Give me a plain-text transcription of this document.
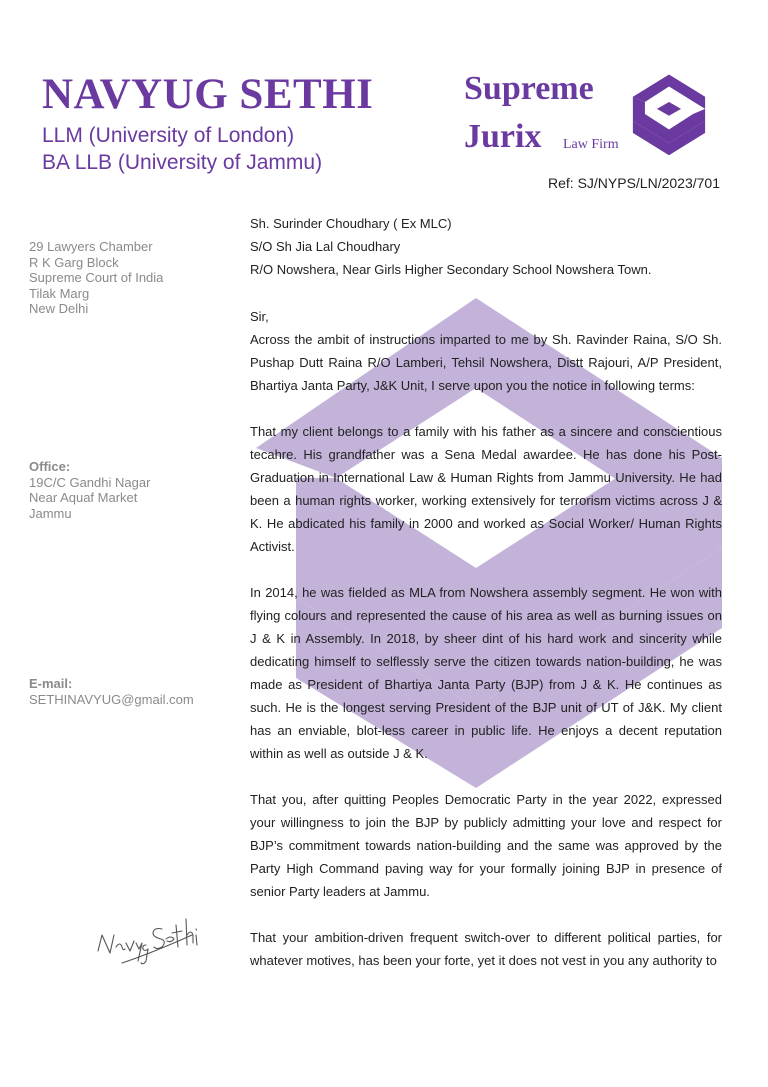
NAVYUG SETHI
LLM (University of London)
BA LLB (University of Jammu)
Supreme
Jurix Law Firm
Ref: SJ/NYPS/LN/2023/701
29 Lawyers Chamber
R K Garg Block
Supreme Court of India
Tilak Marg
New Delhi
Office:
19C/C Gandhi Nagar
Near Aquaf Market
Jammu
E-mail:
SETHINAVYUG@gmail.com
Sh. Surinder Choudhary ( Ex MLC)
S/O Sh Jia Lal Choudhary
R/O Nowshera, Near Girls Higher Secondary School Nowshera Town.

Sir,

Across the ambit of instructions imparted to me by Sh. Ravinder Raina, S/O Sh. Pushap Dutt Raina R/O Lamberi, Tehsil Nowshera, Distt Rajouri, A/P President, Bhartiya Janta Party, J&K Unit, I serve upon you the notice in following terms:

That my client belongs to a family with his father as a sincere and conscientious tecahre. His grandfather was a Sena Medal awardee. He has done his Post-Graduation in International Law & Human Rights from Jammu University. He had been a human rights worker, working extensively for terrorism victims across J & K. He abdicated his family in 2000 and worked as Social Worker/ Human Rights Activist.

In 2014, he was fielded as MLA from Nowshera assembly segment. He won with flying colours and represented the cause of his area as well as burning issues on J & K in Assembly. In 2018, by sheer dint of his hard work and sincerity while dedicating himself to selflessly serve the citizen towards nation-building, he was made as President of Bhartiya Janta Party (BJP) from J & K. He continues as such. He is the longest serving President of the BJP unit of UT of J&K. My client has an enviable, blot-less career in public life. He enjoys a decent reputation within as well as outside J & K.

That you, after quitting Peoples Democratic Party in the year 2022, expressed your willingness to join the BJP by publicly admitting your love and respect for BJP’s commitment towards nation-building and the same was approved by the Party High Command paving way for your formally joining BJP in presence of senior Party leaders at Jammu.

That your ambition-driven frequent switch-over to different political parties, for whatever motives, has been your forte, yet it does not vest in you any authority to
